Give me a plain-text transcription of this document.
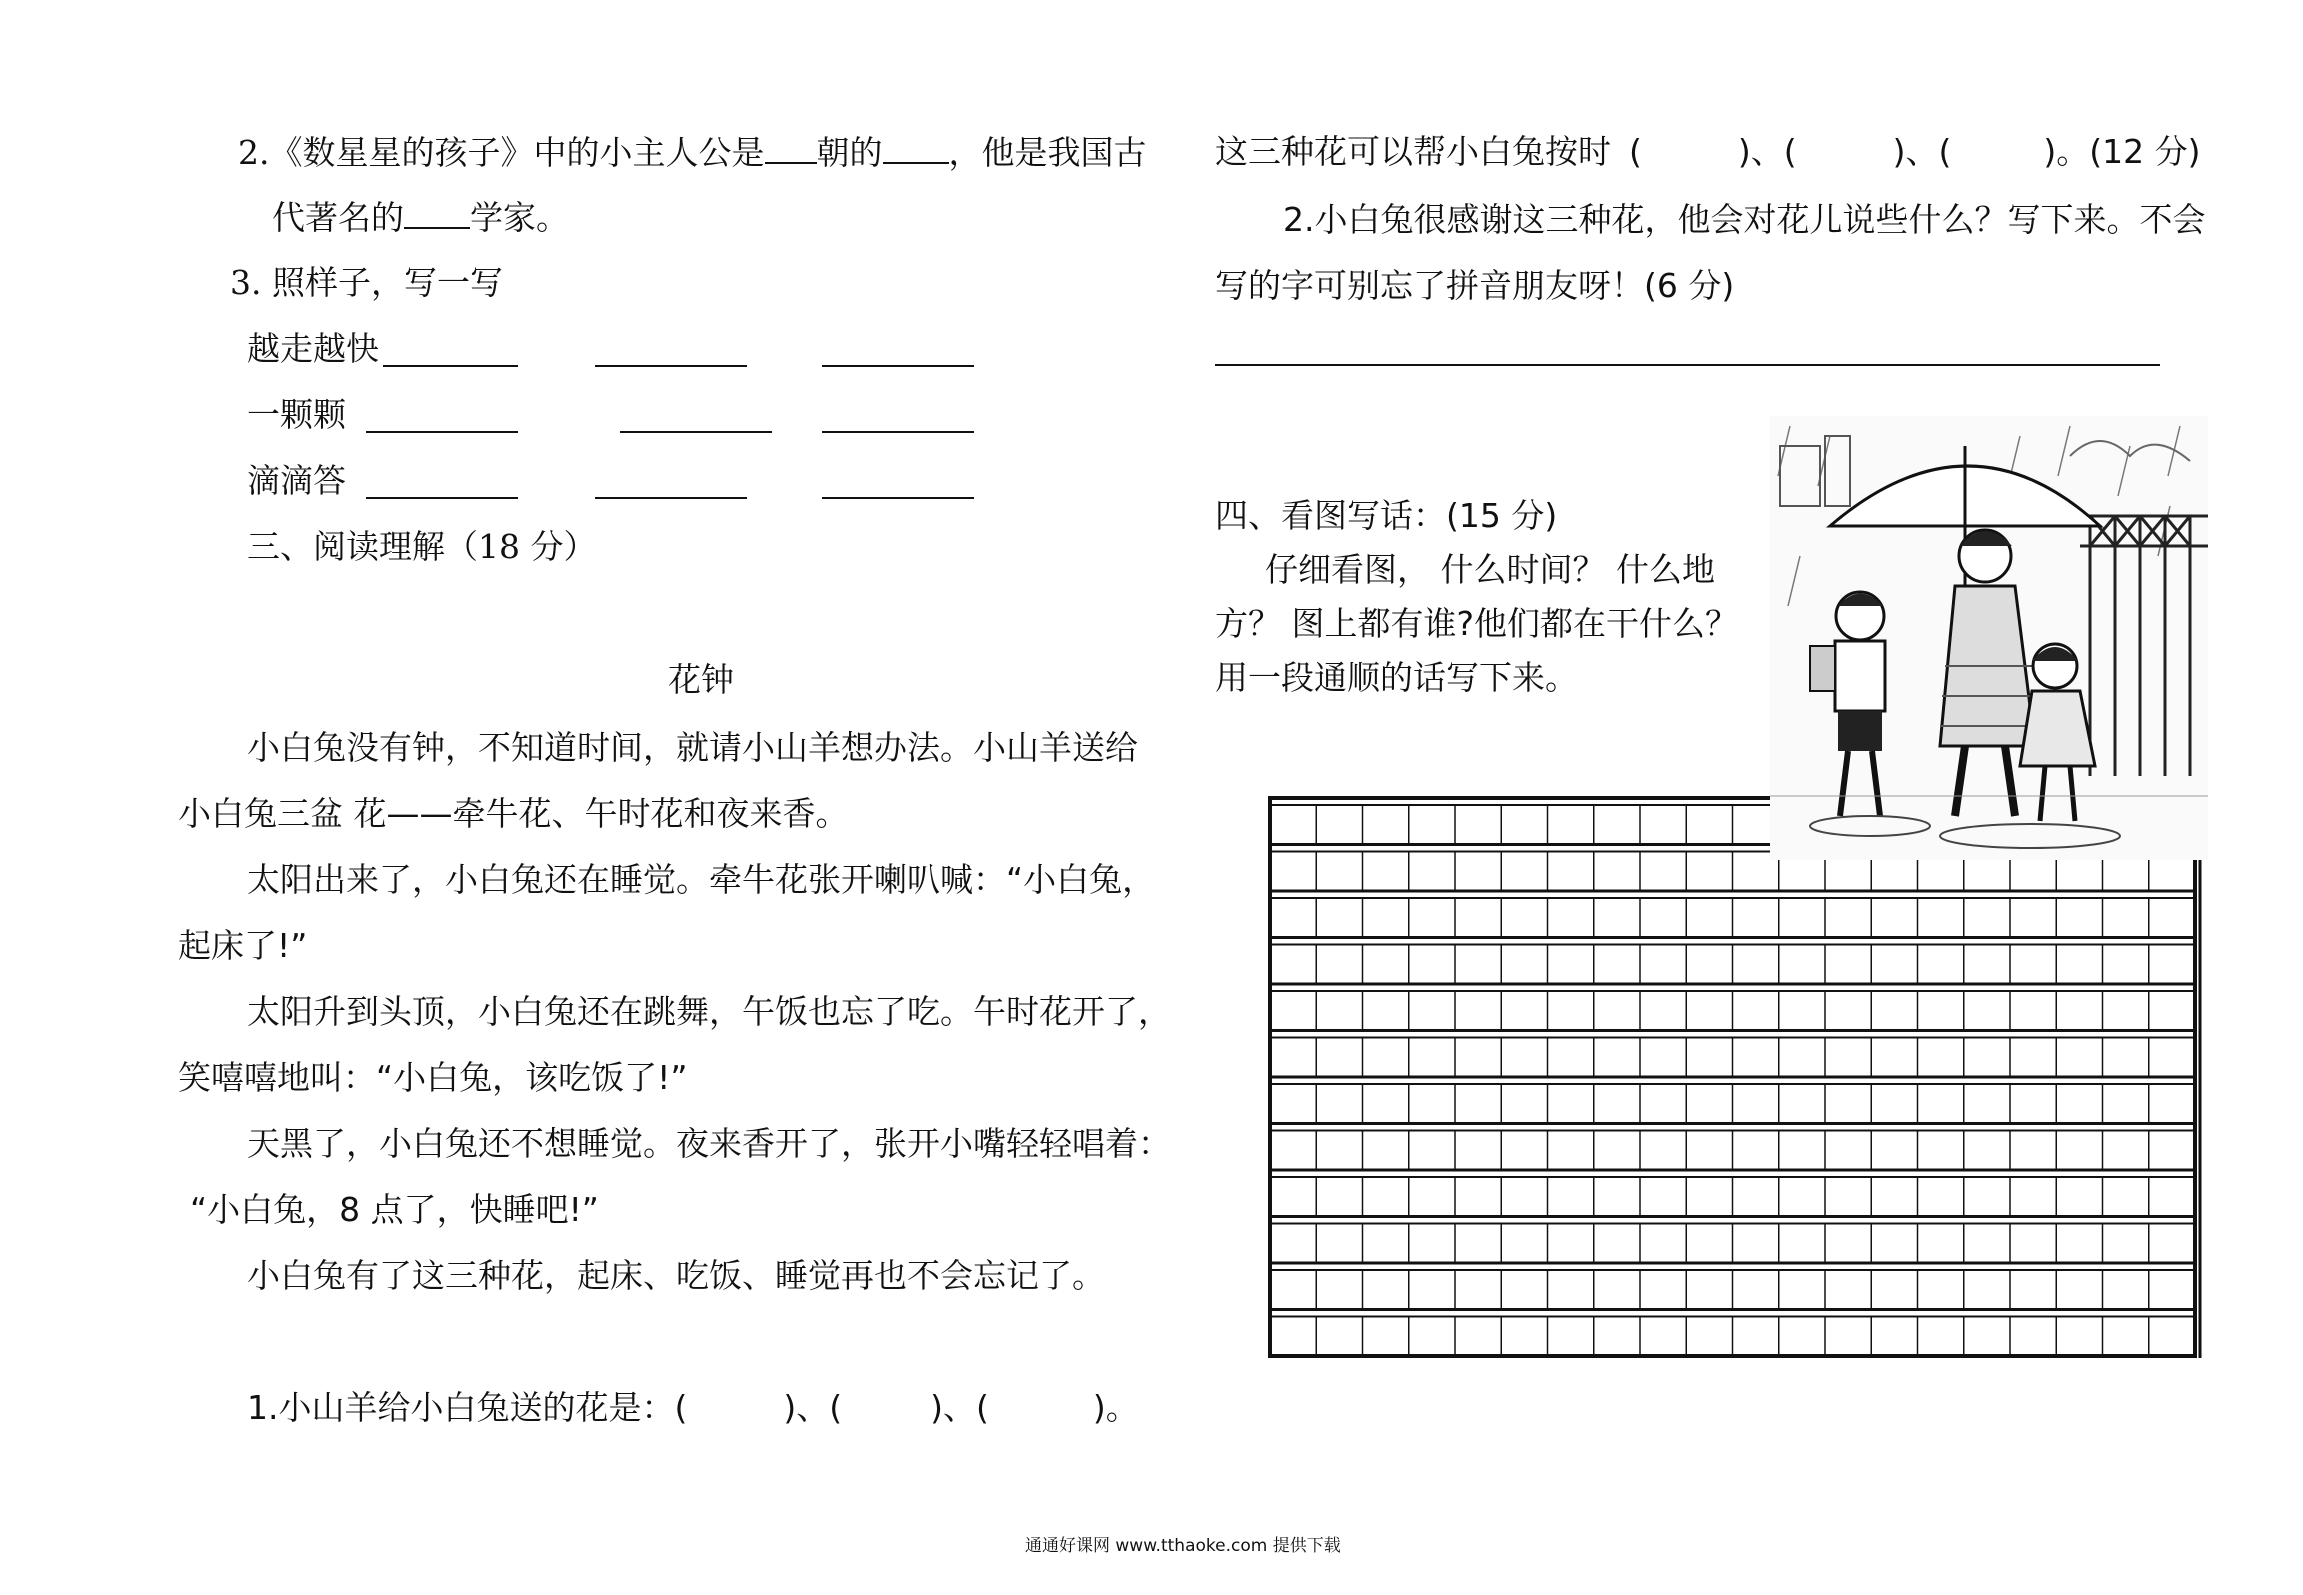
2.《数星星的孩子》中的小主人公是 朝的 ，他是我国古
代著名的 学家。
3. 照样子，写一写
越走越快
一颗颗
滴滴答
三、阅读理解（18 分）
花钟
小白兔没有钟，不知道时间，就请小山羊想办法。小山羊送给
小白兔三盆 花——牵牛花、午时花和夜来香。
太阳出来了，小白兔还在睡觉。牵牛花张开喇叭喊：“小白兔，
起床了!”
太阳升到头顶，小白兔还在跳舞，午饭也忘了吃。午时花开了，
笑嘻嘻地叫：“小白兔，该吃饭了!”
天黑了，小白兔还不想睡觉。夜来香开了，张开小嘴轻轻唱着：
“小白兔，8 点了，快睡吧!”
小白兔有了这三种花，起床、吃饭、睡觉再也不会忘记了。
1.小山羊给小白兔送的花是：(	)、(	)、(	)。
这三种花可以帮小白兔按时 (	)、(	)、(	)。(12 分)
2.小白兔很感谢这三种花，他会对花儿说些什么？写下来。不会
写的字可别忘了拼音朋友呀！(6 分)
四、看图写话：(15 分)
仔细看图， 什么时间？ 什么地
方？ 图上都有谁?他们都在干什么？
用一段通顺的话写下来。
通通好课网 www.tthaoke.com 提供下载
